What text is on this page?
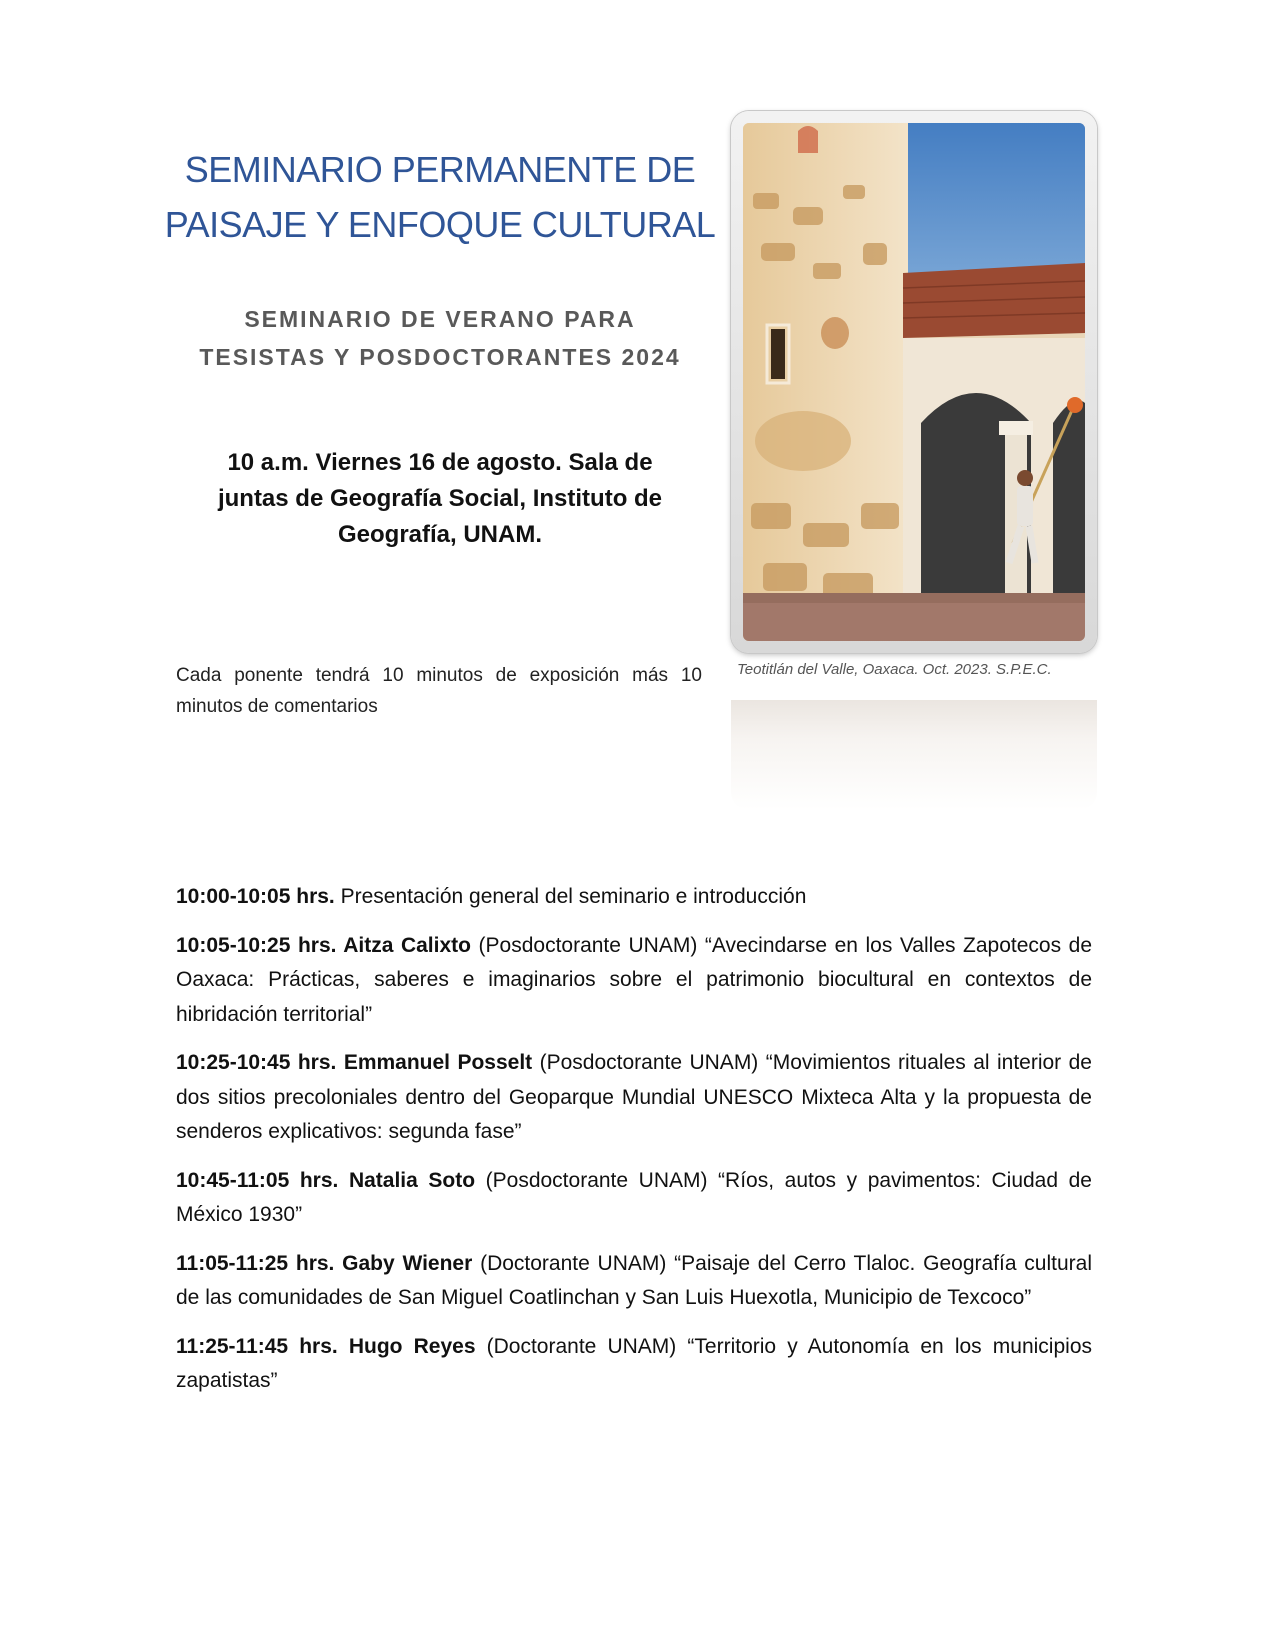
SEMINARIO PERMANENTE DE
PAISAJE Y ENFOQUE CULTURAL
SEMINARIO DE VERANO PARA
TESISTAS Y POSDOCTORANTES 2024

10 a.m. Viernes 16 de agosto. Sala de juntas de Geografía Social, Instituto de Geografía, UNAM.

Cada ponente tendrá 10 minutos de exposición más 10 minutos de comentarios

Teotitlán del Valle, Oaxaca. Oct. 2023. S.P.E.C.

10:00-10:05 hrs. Presentación general del seminario e introducción

10:05-10:25 hrs. Aitza Calixto (Posdoctorante UNAM) “Avecindarse en los Valles Zapotecos de Oaxaca: Prácticas, saberes e imaginarios sobre el patrimonio biocultural en contextos de hibridación territorial”

10:25-10:45 hrs. Emmanuel Posselt (Posdoctorante UNAM) “Movimientos rituales al interior de dos sitios precoloniales dentro del Geoparque Mundial UNESCO Mixteca Alta y la propuesta de senderos explicativos: segunda fase”

10:45-11:05 hrs. Natalia Soto (Posdoctorante UNAM) “Ríos, autos y pavimentos: Ciudad de México 1930”

11:05-11:25 hrs. Gaby Wiener (Doctorante UNAM) “Paisaje del Cerro Tlaloc. Geografía cultural de las comunidades de San Miguel Coatlinchan y San Luis Huexotla, Municipio de Texcoco”

11:25-11:45 hrs. Hugo Reyes (Doctorante UNAM) “Territorio y Autonomía en los municipios zapatistas”
